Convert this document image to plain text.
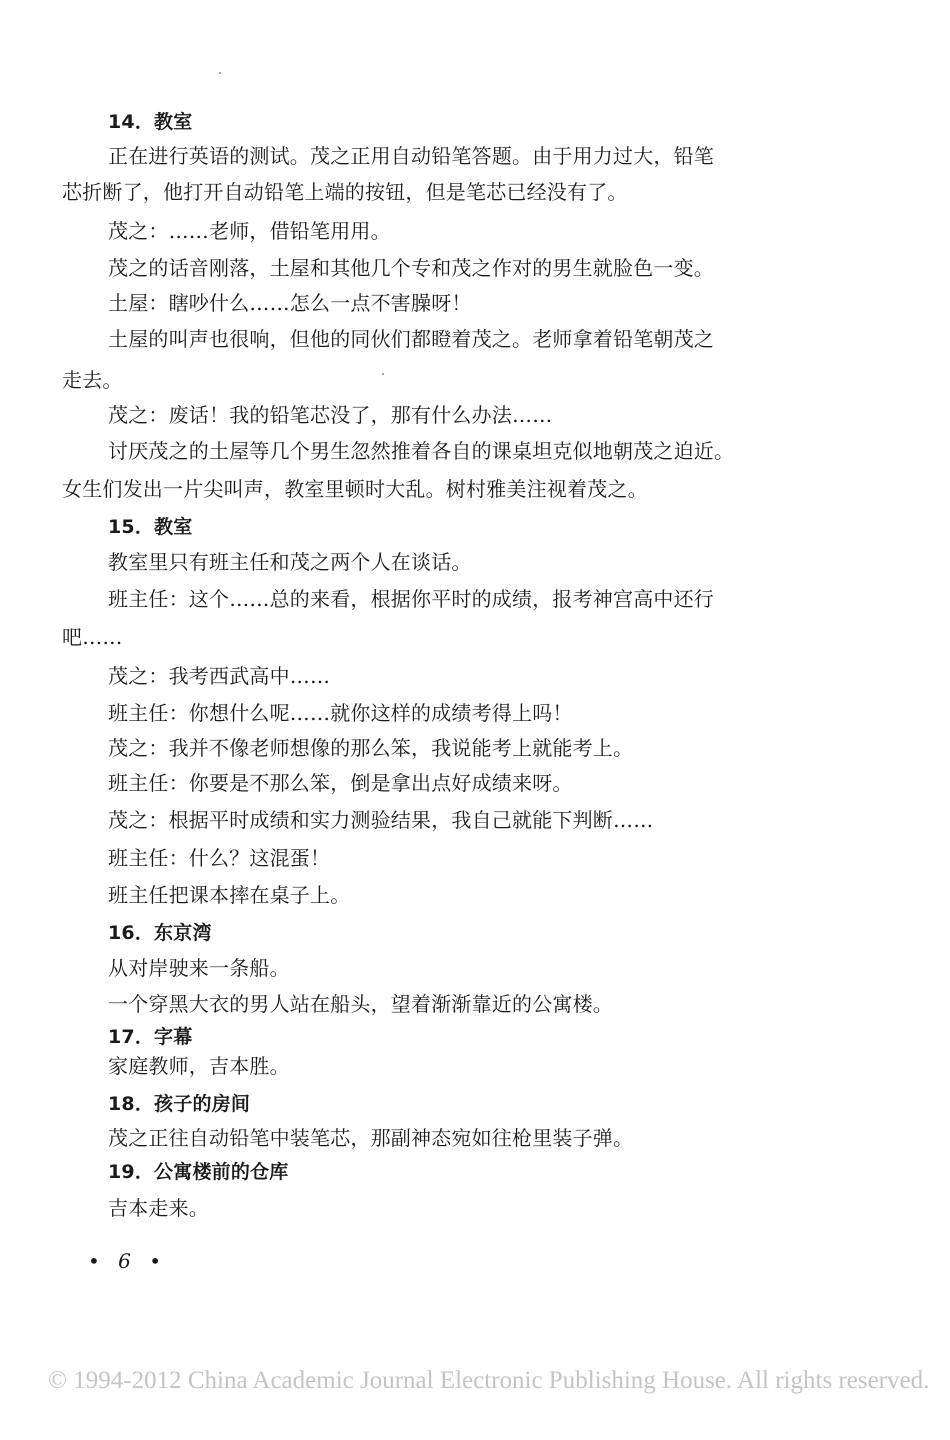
14．教室
正在进行英语的测试。茂之正用自动铅笔答题。由于用力过大，铅笔
芯折断了，他打开自动铅笔上端的按钮，但是笔芯已经没有了。
茂之：……老师，借铅笔用用。
茂之的话音刚落，土屋和其他几个专和茂之作对的男生就脸色一变。
土屋：瞎吵什么……怎么一点不害臊呀！
土屋的叫声也很响，但他的同伙们都瞪着茂之。老师拿着铅笔朝茂之
走去。
茂之：废话！我的铅笔芯没了，那有什么办法……
讨厌茂之的土屋等几个男生忽然推着各自的课桌坦克似地朝茂之迫近。
女生们发出一片尖叫声，教室里顿时大乱。树村雅美注视着茂之。
15．教室
教室里只有班主任和茂之两个人在谈话。
班主任：这个……总的来看，根据你平时的成绩，报考神宫高中还行
吧……
茂之：我考西武高中……
班主任：你想什么呢……就你这样的成绩考得上吗！
茂之：我并不像老师想像的那么笨，我说能考上就能考上。
班主任：你要是不那么笨，倒是拿出点好成绩来呀。
茂之：根据平时成绩和实力测验结果，我自己就能下判断……
班主任：什么？这混蛋！
班主任把课本摔在桌子上。
16．东京湾
从对岸驶来一条船。
一个穿黑大衣的男人站在船头，望着渐渐靠近的公寓楼。
17．字幕
家庭教师，吉本胜。
18．孩子的房间
茂之正往自动铅笔中装笔芯，那副神态宛如往枪里装子弹。
19．公寓楼前的仓库
吉本走来。
• 6 •
© 1994-2012 China Academic Journal Electronic Publishing House. All rights reserved.
